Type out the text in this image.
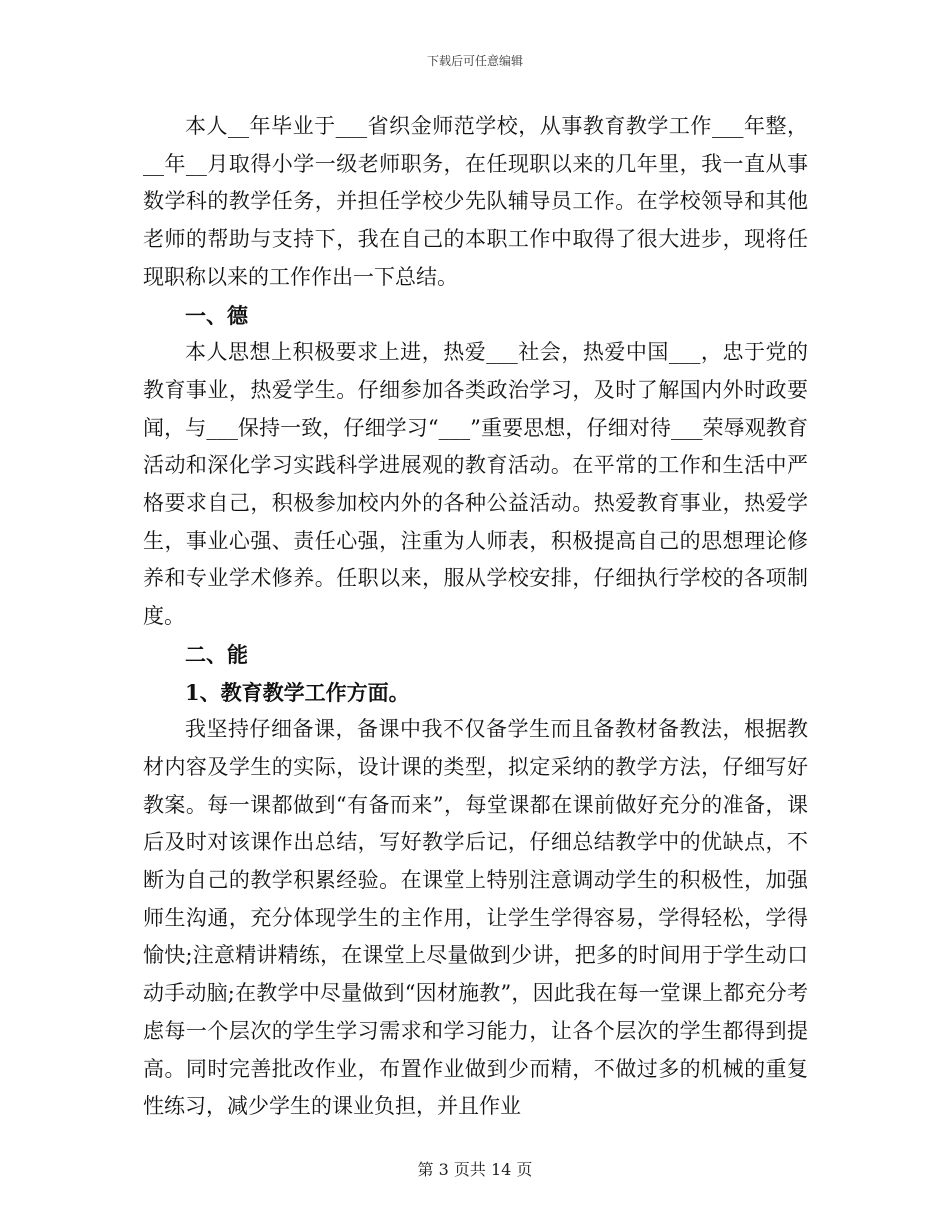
下载后可任意编辑

本人__年毕业于___省织金师范学校，从事教育教学工作___年整，__年__月取得小学一级老师职务，在任现职以来的几年里，我一直从事数学科的教学任务，并担任学校少先队辅导员工作。在学校领导和其他老师的帮助与支持下，我在自己的本职工作中取得了很大进步，现将任现职称以来的工作作出一下总结。

一、德

本人思想上积极要求上进，热爱___社会，热爱中国___，忠于党的教育事业，热爱学生。仔细参加各类政治学习，及时了解国内外时政要闻，与___保持一致，仔细学习“___”重要思想，仔细对待___荣辱观教育活动和深化学习实践科学进展观的教育活动。在平常的工作和生活中严格要求自己，积极参加校内外的各种公益活动。热爱教育事业，热爱学生，事业心强、责任心强，注重为人师表，积极提高自己的思想理论修养和专业学术修养。任职以来，服从学校安排，仔细执行学校的各项制度。

二、能

1、教育教学工作方面。

我坚持仔细备课，备课中我不仅备学生而且备教材备教法，根据教材内容及学生的实际，设计课的类型，拟定采纳的教学方法，仔细写好教案。每一课都做到“有备而来”，每堂课都在课前做好充分的准备，课后及时对该课作出总结，写好教学后记，仔细总结教学中的优缺点，不断为自己的教学积累经验。在课堂上特别注意调动学生的积极性，加强师生沟通，充分体现学生的主作用，让学生学得容易，学得轻松，学得愉快;注意精讲精练，在课堂上尽量做到少讲，把多的时间用于学生动口动手动脑;在教学中尽量做到“因材施教”，因此我在每一堂课上都充分考虑每一个层次的学生学习需求和学习能力，让各个层次的学生都得到提高。同时完善批改作业，布置作业做到少而精，不做过多的机械的重复性练习，减少学生的课业负担，并且作业

第 3 页共 14 页
